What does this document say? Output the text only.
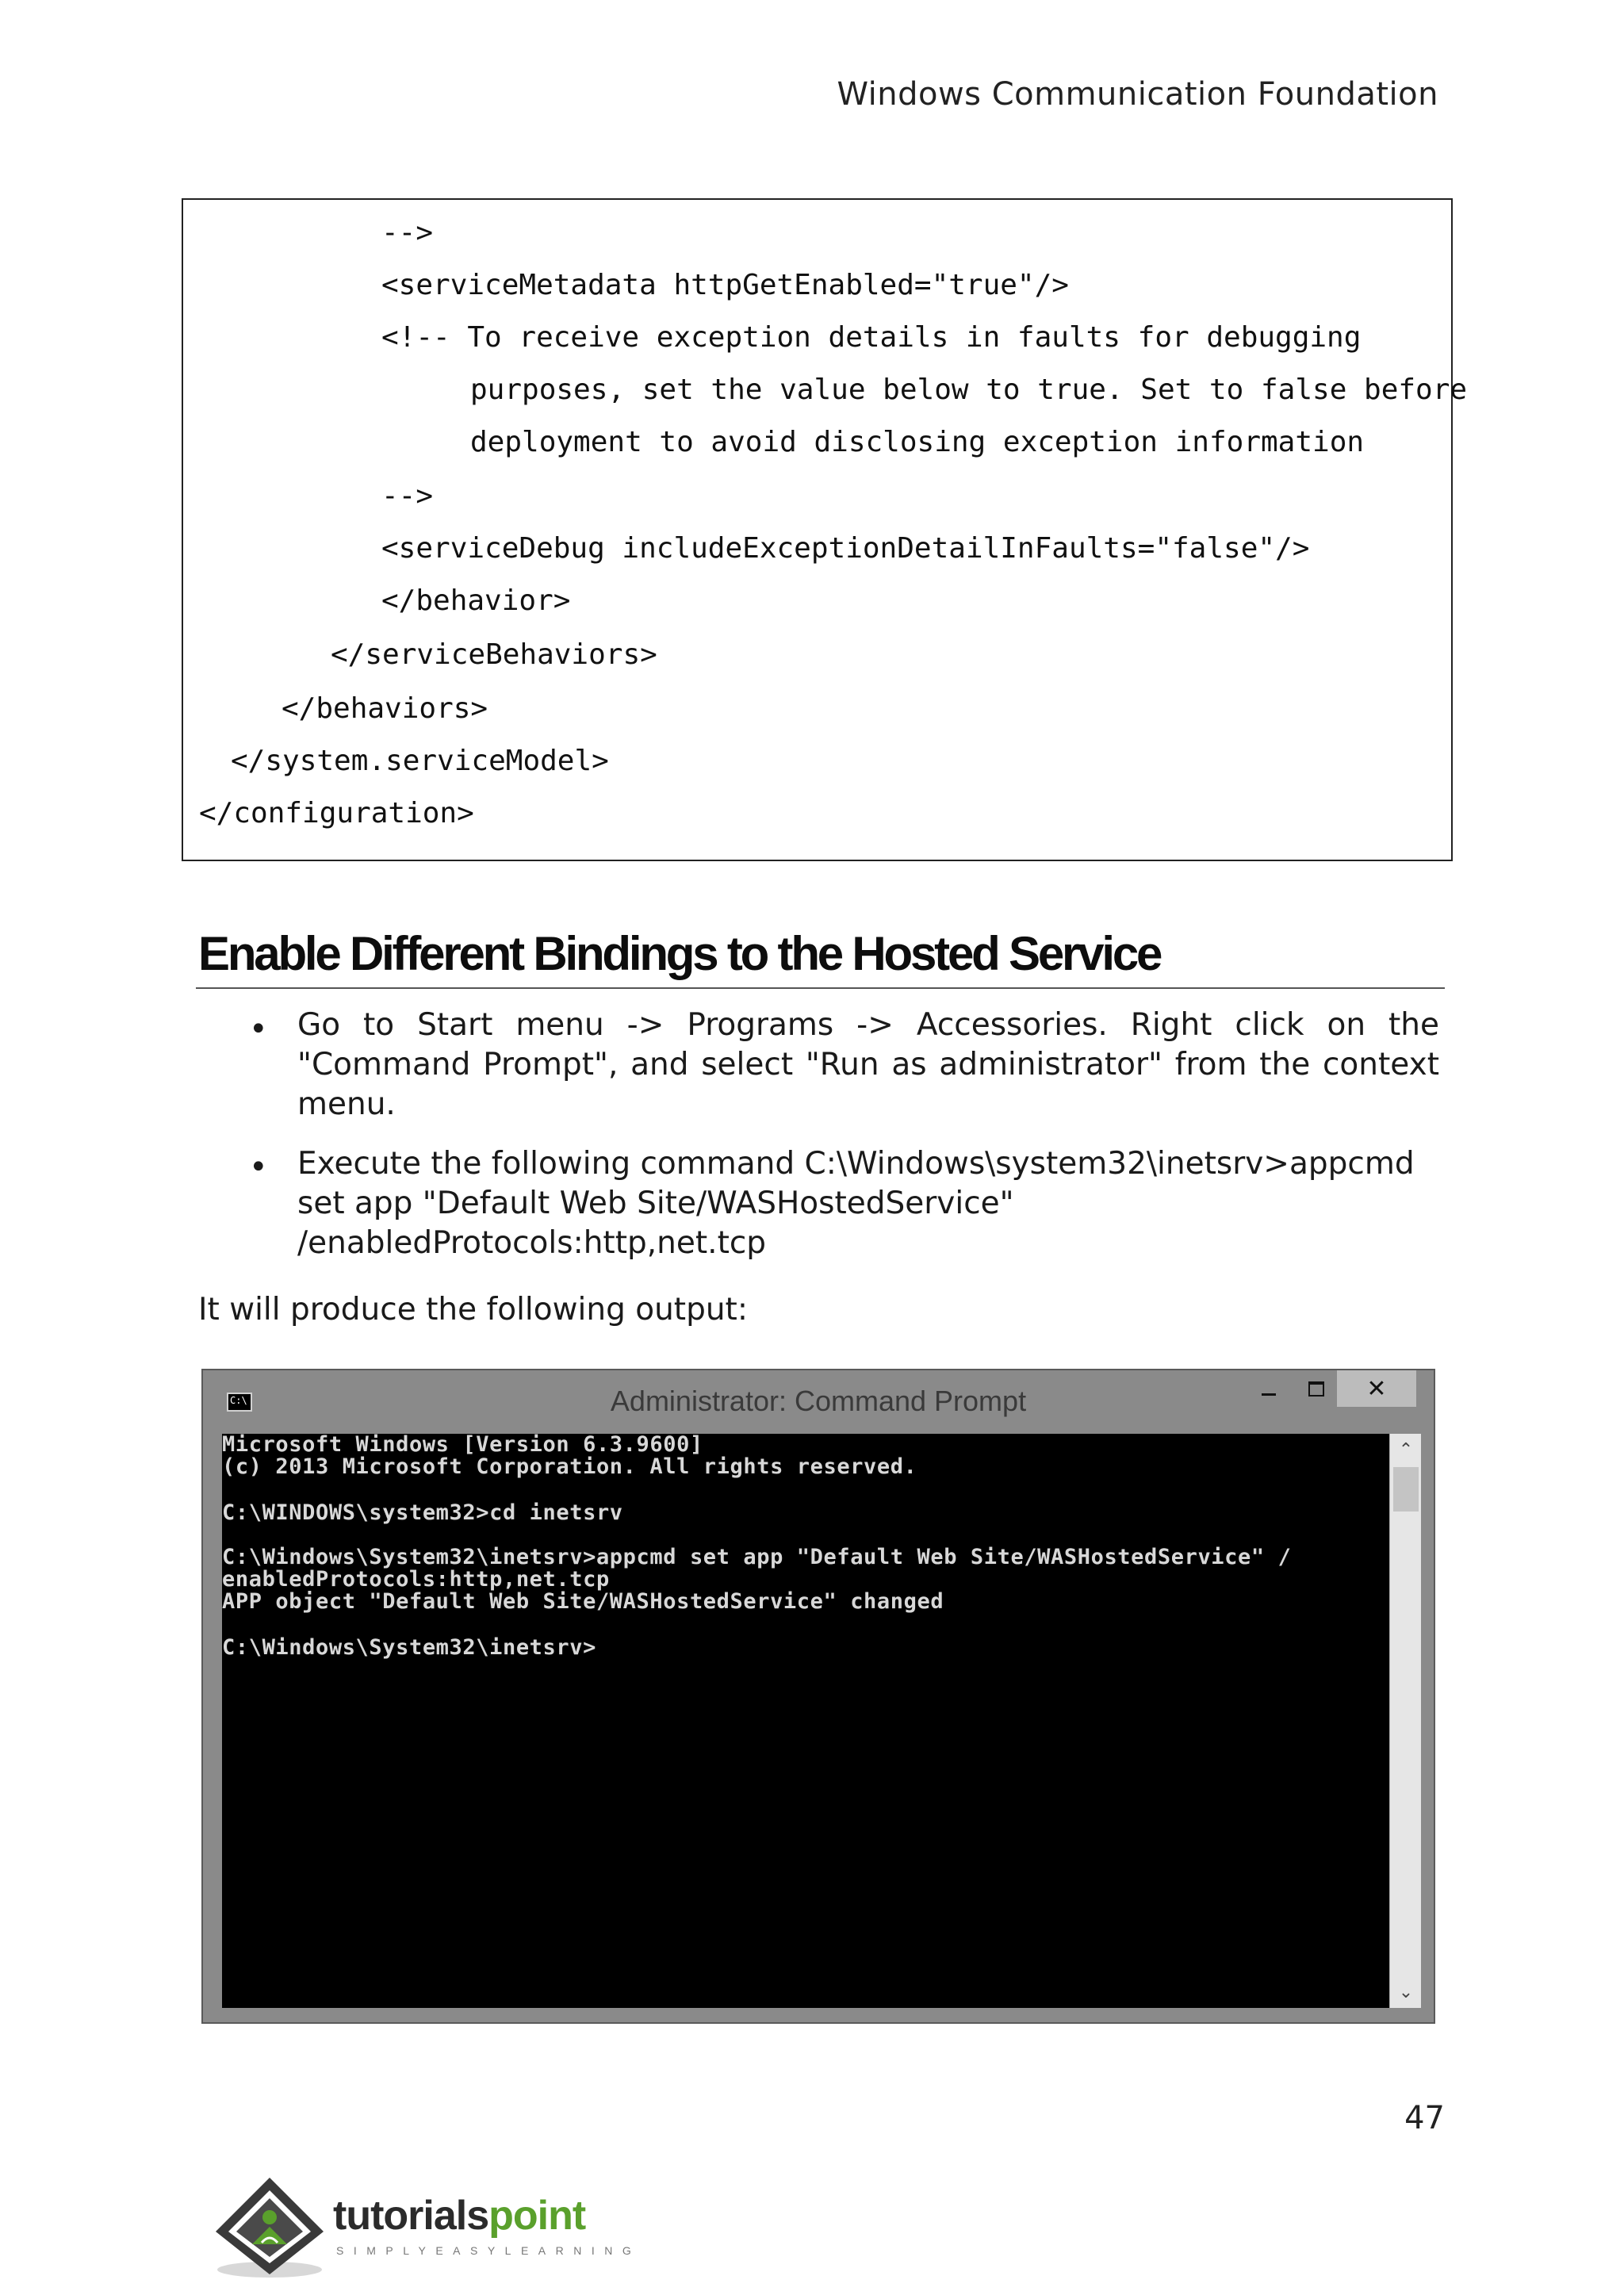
Windows Communication Foundation
-->
<serviceMetadata httpGetEnabled="true"/>
<!-- To receive exception details in faults for debugging
purposes, set the value below to true. Set to false before
deployment to avoid disclosing exception information
-->
<serviceDebug includeExceptionDetailInFaults="false"/>
</behavior>
</serviceBehaviors>
</behaviors>
</system.serviceModel>
</configuration>
Enable Different Bindings to the Hosted Service
• Go to Start menu -> Programs -> Accessories. Right click on the "Command Prompt", and select "Run as administrator" from the context menu.
• Execute the following command C:\Windows\system32\inetsrv>appcmd set app "Default Web Site/WASHostedService" /enabledProtocols:http,net.tcp
It will produce the following output:
C:\	Administrator: Command Prompt	✕
Microsoft Windows [Version 6.3.9600]
(c) 2013 Microsoft Corporation. All rights reserved.
C:\WINDOWS\system32>cd inetsrv
C:\Windows\System32\inetsrv>appcmd set app "Default Web Site/WASHostedService" /
enabledProtocols:http,net.tcp
APP object "Default Web Site/WASHostedService" changed
C:\Windows\System32\inetsrv>
⌃
⌄
47
tutorialspoint
SIMPLYEASYLEARNING
